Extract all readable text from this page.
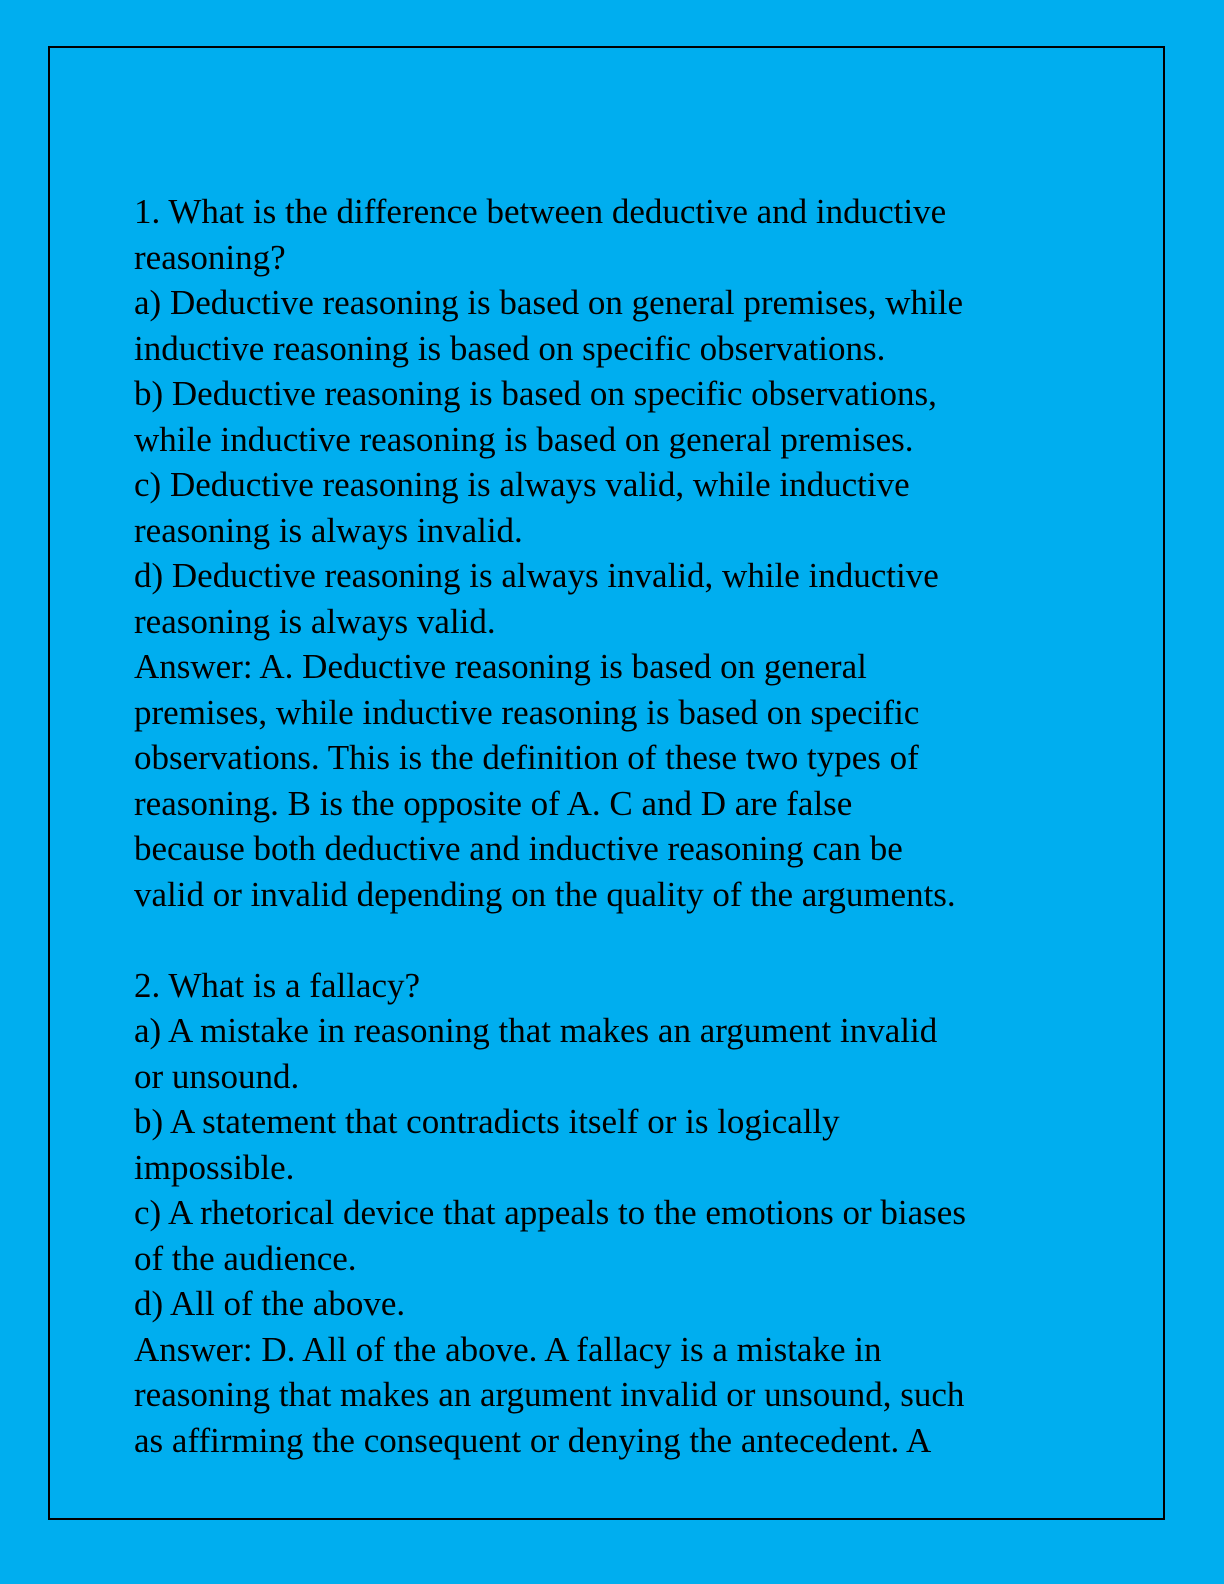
1. What is the difference between deductive and inductive
reasoning?
a) Deductive reasoning is based on general premises, while
inductive reasoning is based on specific observations.
b) Deductive reasoning is based on specific observations,
while inductive reasoning is based on general premises.
c) Deductive reasoning is always valid, while inductive
reasoning is always invalid.
d) Deductive reasoning is always invalid, while inductive
reasoning is always valid.
Answer: A. Deductive reasoning is based on general
premises, while inductive reasoning is based on specific
observations. This is the definition of these two types of
reasoning. B is the opposite of A. C and D are false
because both deductive and inductive reasoning can be
valid or invalid depending on the quality of the arguments.
2. What is a fallacy?
a) A mistake in reasoning that makes an argument invalid
or unsound.
b) A statement that contradicts itself or is logically
impossible.
c) A rhetorical device that appeals to the emotions or biases
of the audience.
d) All of the above.
Answer: D. All of the above. A fallacy is a mistake in
reasoning that makes an argument invalid or unsound, such
as affirming the consequent or denying the antecedent. A
